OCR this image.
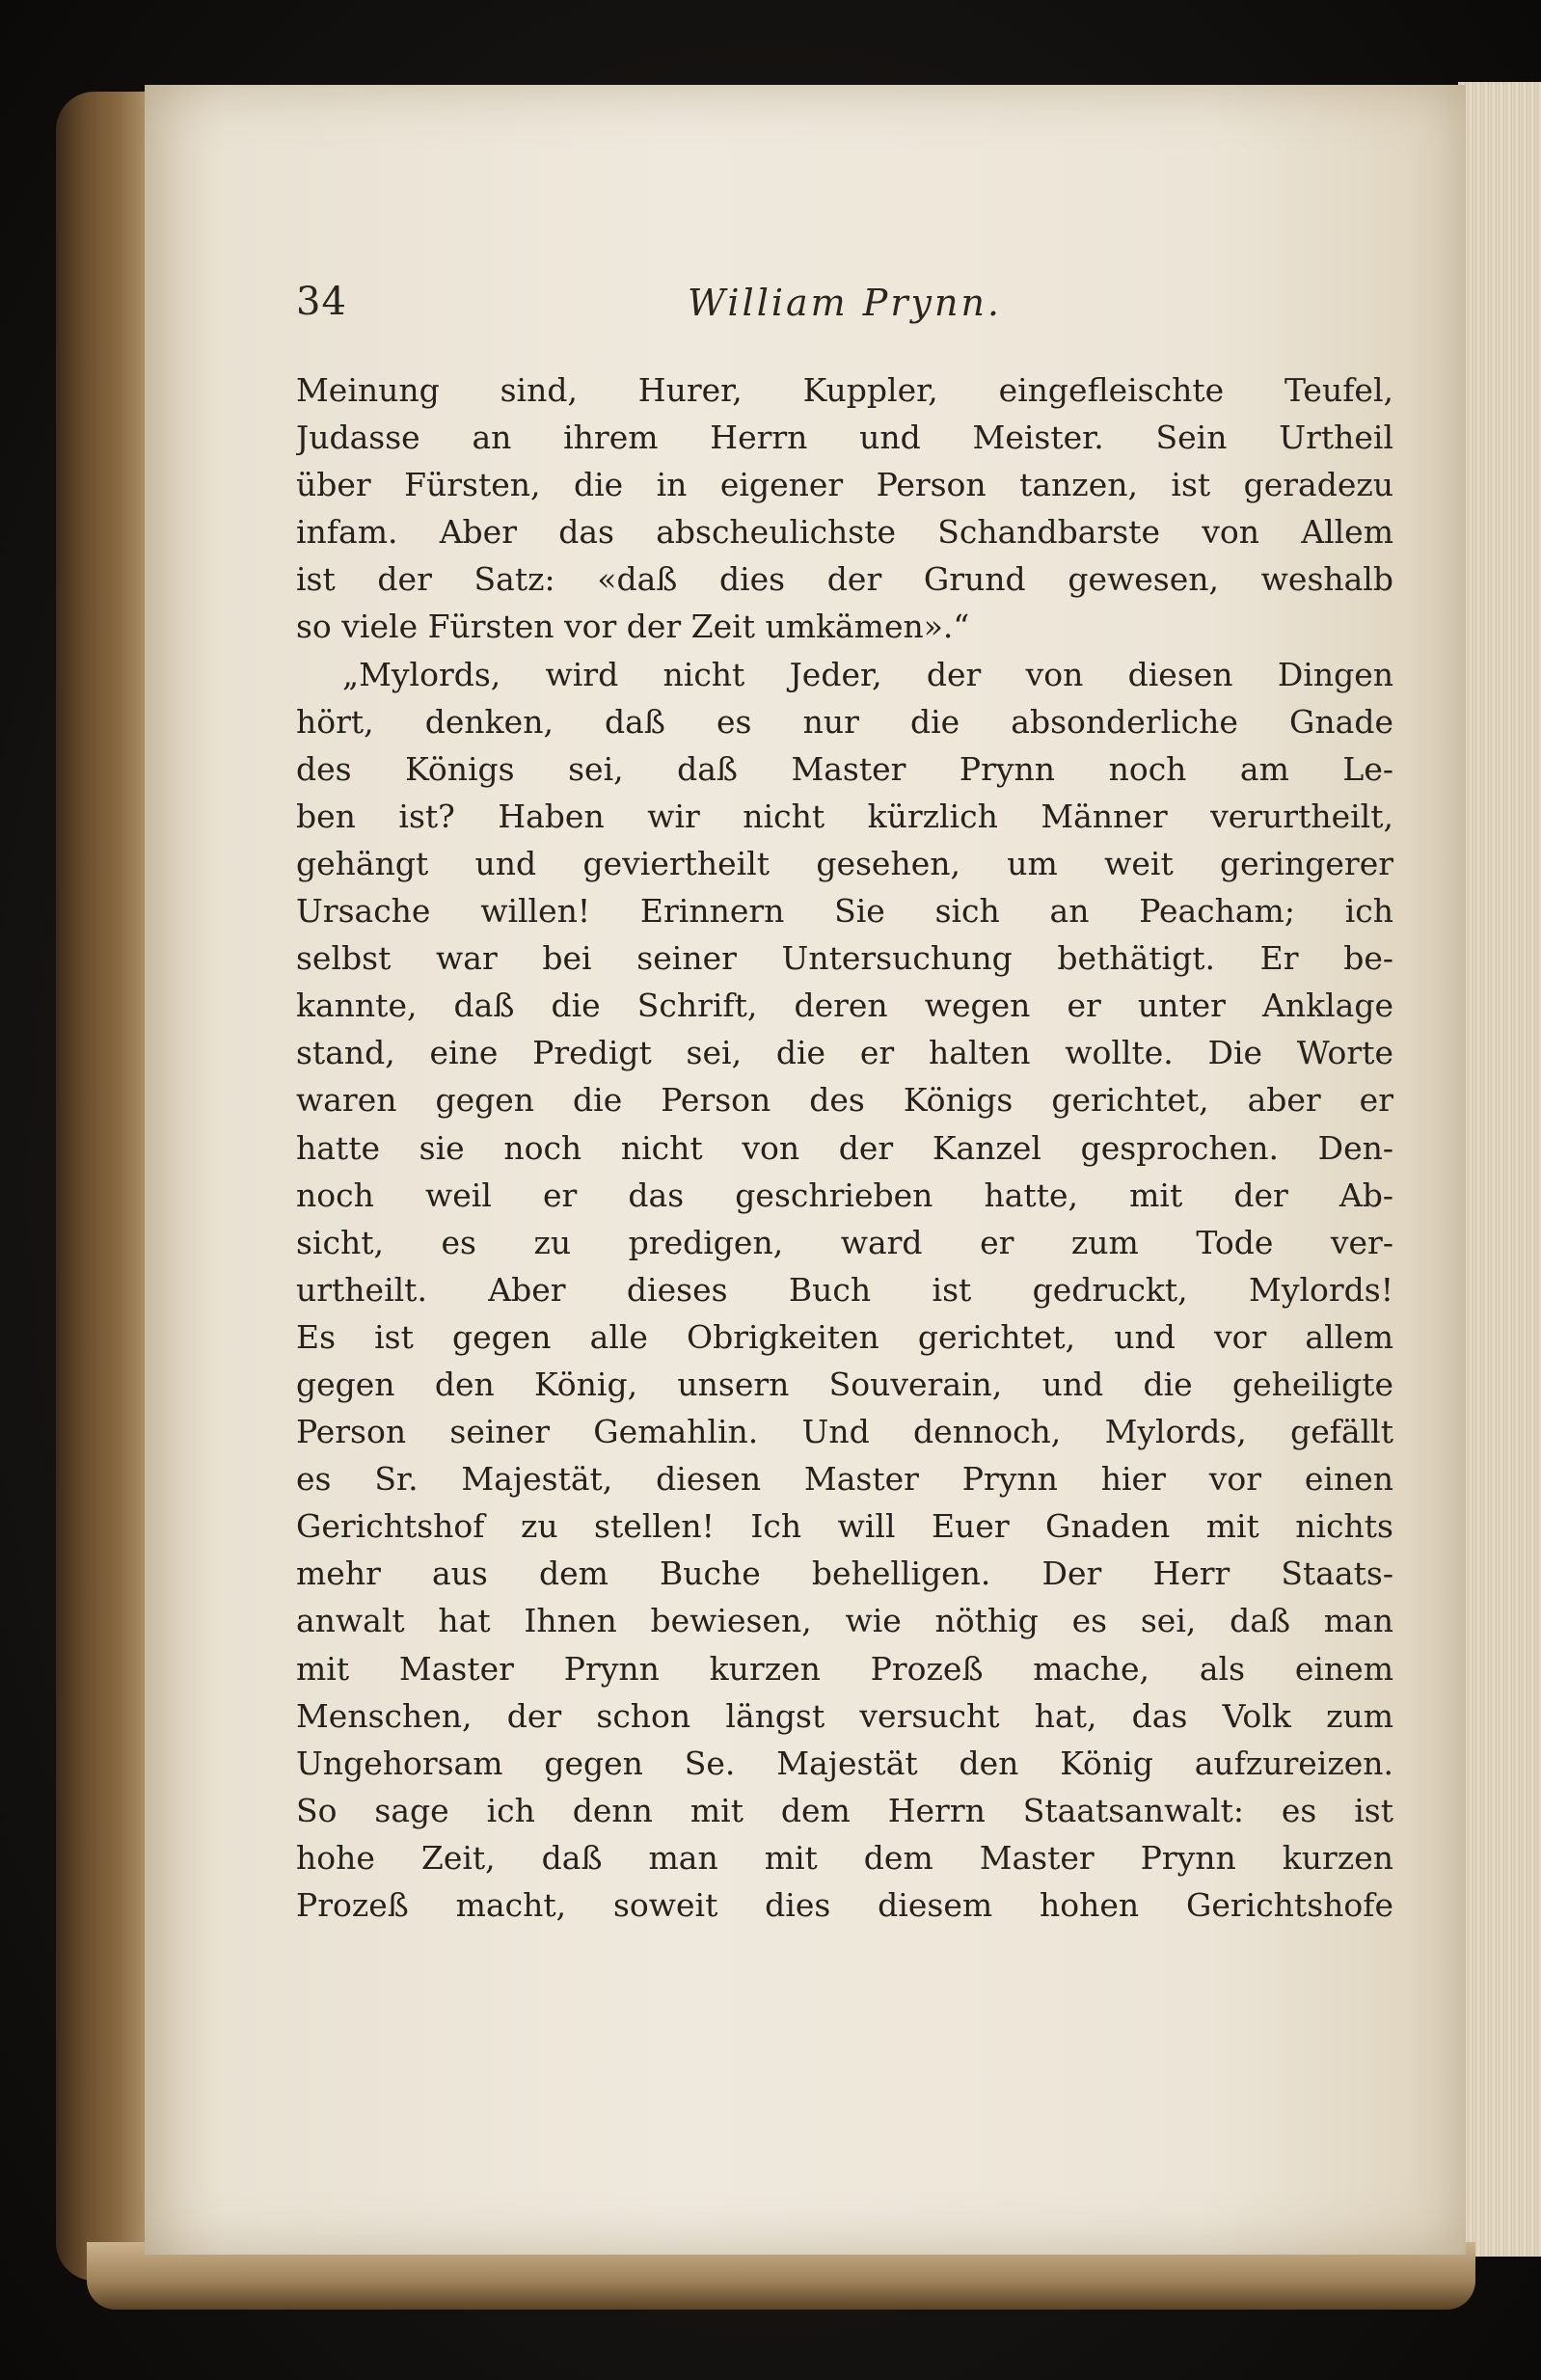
34	William Prynn.
Meinung sind, Hurer, Kuppler, eingefleischte Teufel,
Judasse an ihrem Herrn und Meister. Sein Urtheil
über Fürsten, die in eigener Person tanzen, ist geradezu
infam. Aber das abscheulichste Schandbarste von Allem
ist der Satz: «daß dies der Grund gewesen, weshalb
so viele Fürsten vor der Zeit umkämen».“
„Mylords, wird nicht Jeder, der von diesen Dingen
hört, denken, daß es nur die absonderliche Gnade
des Königs sei, daß Master Prynn noch am Le-
ben ist? Haben wir nicht kürzlich Männer verurtheilt,
gehängt und geviertheilt gesehen, um weit geringerer
Ursache willen! Erinnern Sie sich an Peacham; ich
selbst war bei seiner Untersuchung bethätigt. Er be-
kannte, daß die Schrift, deren wegen er unter Anklage
stand, eine Predigt sei, die er halten wollte. Die Worte
waren gegen die Person des Königs gerichtet, aber er
hatte sie noch nicht von der Kanzel gesprochen. Den-
noch weil er das geschrieben hatte, mit der Ab-
sicht, es zu predigen, ward er zum Tode ver-
urtheilt. Aber dieses Buch ist gedruckt, Mylords!
Es ist gegen alle Obrigkeiten gerichtet, und vor allem
gegen den König, unsern Souverain, und die geheiligte
Person seiner Gemahlin. Und dennoch, Mylords, gefällt
es Sr. Majestät, diesen Master Prynn hier vor einen
Gerichtshof zu stellen! Ich will Euer Gnaden mit nichts
mehr aus dem Buche behelligen. Der Herr Staats-
anwalt hat Ihnen bewiesen, wie nöthig es sei, daß man
mit Master Prynn kurzen Prozeß mache, als einem
Menschen, der schon längst versucht hat, das Volk zum
Ungehorsam gegen Se. Majestät den König aufzureizen.
So sage ich denn mit dem Herrn Staatsanwalt: es ist
hohe Zeit, daß man mit dem Master Prynn kurzen
Prozeß macht, soweit dies diesem hohen Gerichtshofe
